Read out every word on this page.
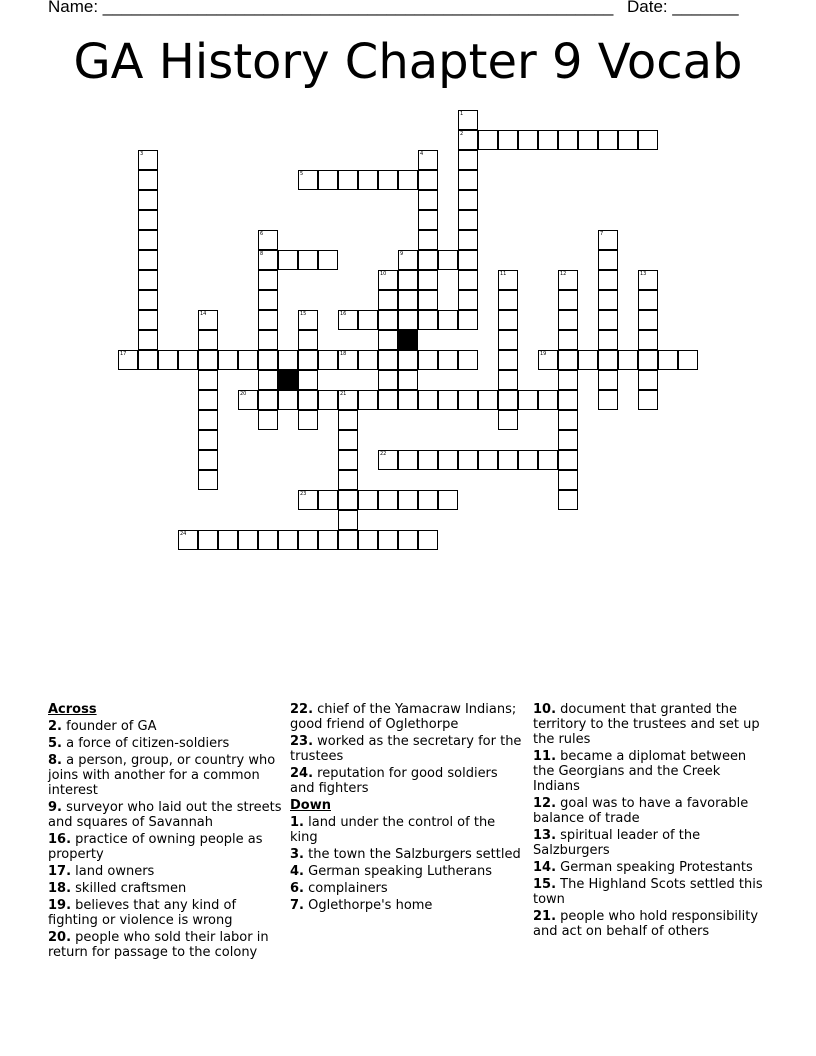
Name: ______________________________________________________ Date: _______
GA History Chapter 9 Vocab
2
5
8	9
16
17	18	19
20	21
22
23
24
1
3	4
6	7
10	11	12	13
14	15
Across
2. founder of GA
5. a force of citizen-soldiers
8. a person, group, or country who joins with another for a common interest
9. surveyor who laid out the streets and squares of Savannah
16. practice of owning people as property
17. land owners
18. skilled craftsmen
19. believes that any kind of fighting or violence is wrong
20. people who sold their labor in return for passage to the colony
22. chief of the Yamacraw Indians; good friend of Oglethorpe
23. worked as the secretary for the trustees
24. reputation for good soldiers and fighters
Down
1. land under the control of the king
3. the town the Salzburgers settled
4. German speaking Lutherans
6. complainers
7. Oglethorpe's home
10. document that granted the territory to the trustees and set up the rules
11. became a diplomat between the Georgians and the Creek Indians
12. goal was to have a favorable balance of trade
13. spiritual leader of the Salzburgers
14. German speaking Protestants
15. The Highland Scots settled this town
21. people who hold responsibility and act on behalf of others
